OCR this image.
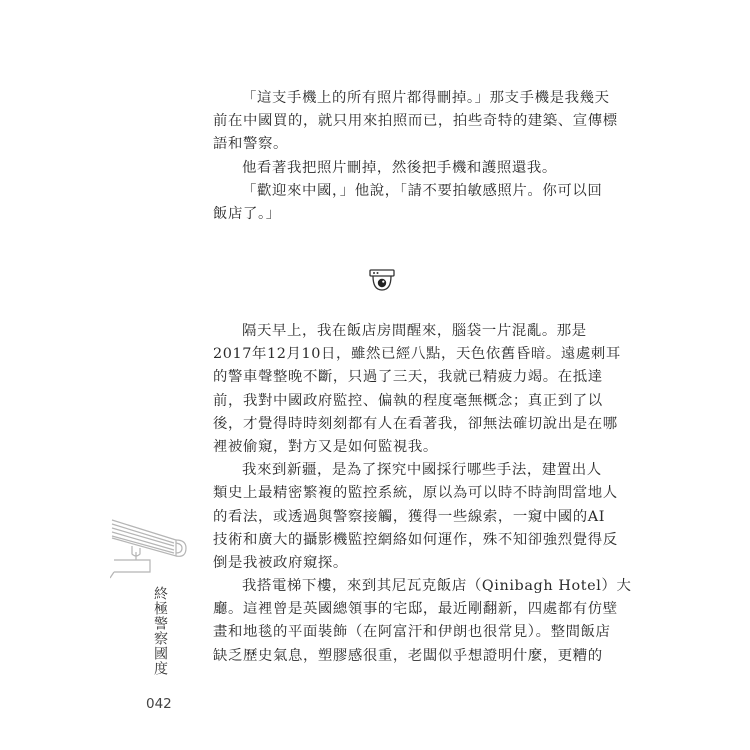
「這支手機上的所有照片都得刪掉。」那支手機是我幾天
前在中國買的，就只用來拍照而已，拍些奇特的建築、宣傳標
語和警察。
他看著我把照片刪掉，然後把手機和護照還我。
「歡迎來中國，」他說，「請不要拍敏感照片。你可以回
飯店了。」
隔天早上，我在飯店房間醒來，腦袋一片混亂。那是
2017年12月10日，雖然已經八點，天色依舊昏暗。遠處刺耳
的警車聲整晚不斷，只過了三天，我就已精疲力竭。在抵達
前，我對中國政府監控、偏執的程度毫無概念；真正到了以
後，才覺得時時刻刻都有人在看著我，卻無法確切說出是在哪
裡被偷窺，對方又是如何監視我。
我來到新疆，是為了探究中國採行哪些手法，建置出人
類史上最精密繁複的監控系統，原以為可以時不時詢問當地人
的看法，或透過與警察接觸，獲得一些線索，一窺中國的AI
技術和廣大的攝影機監控網絡如何運作，殊不知卻強烈覺得反
倒是我被政府窺探。
我搭電梯下樓，來到其尼瓦克飯店（Qinibagh Hotel）大
廳。這裡曾是英國總領事的宅邸，最近剛翻新，四處都有仿壁
畫和地毯的平面裝飾（在阿富汗和伊朗也很常見）。整間飯店
缺乏歷史氣息，塑膠感很重，老闆似乎想證明什麼，更糟的
終極警察國度
042
